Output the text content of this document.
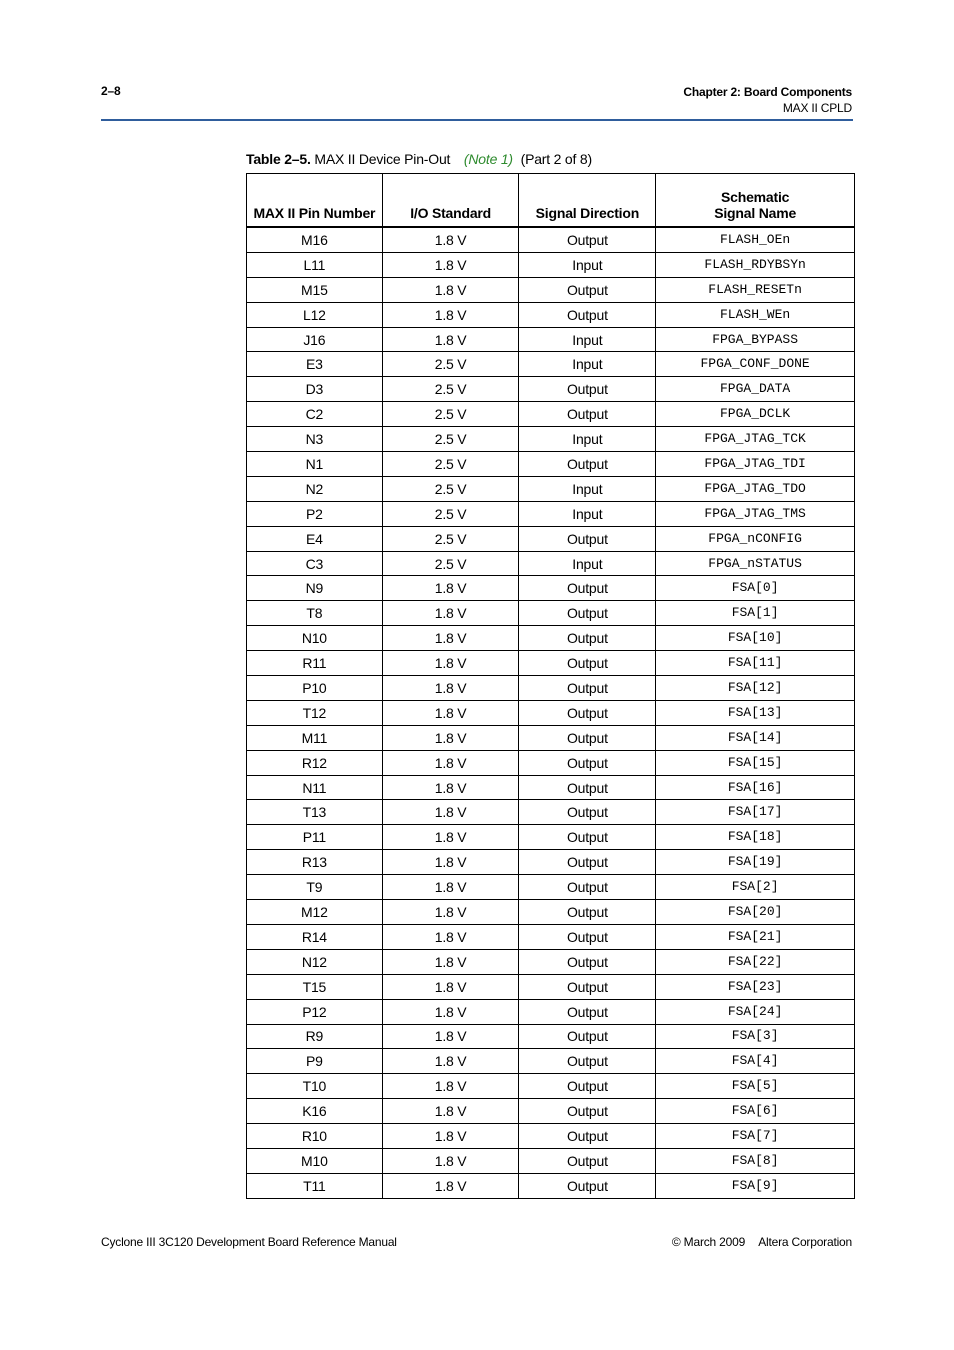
2–8	Chapter 2: Board Components
MAX II CPLD
Table 2–5. MAX II Device Pin-Out (Note 1) (Part 2 of 8)
MAX II Pin Number	I/O Standard	Signal Direction	Schematic
Signal Name
M16	1.8 V	Output	FLASH_OEn
L11	1.8 V	Input	FLASH_RDYBSYn
M15	1.8 V	Output	FLASH_RESETn
L12	1.8 V	Output	FLASH_WEn
J16	1.8 V	Input	FPGA_BYPASS
E3	2.5 V	Input	FPGA_CONF_DONE
D3	2.5 V	Output	FPGA_DATA
C2	2.5 V	Output	FPGA_DCLK
N3	2.5 V	Input	FPGA_JTAG_TCK
N1	2.5 V	Output	FPGA_JTAG_TDI
N2	2.5 V	Input	FPGA_JTAG_TDO
P2	2.5 V	Input	FPGA_JTAG_TMS
E4	2.5 V	Output	FPGA_nCONFIG
C3	2.5 V	Input	FPGA_nSTATUS
N9	1.8 V	Output	FSA[0]
T8	1.8 V	Output	FSA[1]
N10	1.8 V	Output	FSA[10]
R11	1.8 V	Output	FSA[11]
P10	1.8 V	Output	FSA[12]
T12	1.8 V	Output	FSA[13]
M11	1.8 V	Output	FSA[14]
R12	1.8 V	Output	FSA[15]
N11	1.8 V	Output	FSA[16]
T13	1.8 V	Output	FSA[17]
P11	1.8 V	Output	FSA[18]
R13	1.8 V	Output	FSA[19]
T9	1.8 V	Output	FSA[2]
M12	1.8 V	Output	FSA[20]
R14	1.8 V	Output	FSA[21]
N12	1.8 V	Output	FSA[22]
T15	1.8 V	Output	FSA[23]
P12	1.8 V	Output	FSA[24]
R9	1.8 V	Output	FSA[3]
P9	1.8 V	Output	FSA[4]
T10	1.8 V	Output	FSA[5]
K16	1.8 V	Output	FSA[6]
R10	1.8 V	Output	FSA[7]
M10	1.8 V	Output	FSA[8]
T11	1.8 V	Output	FSA[9]
Cyclone III 3C120 Development Board Reference Manual	© March 2009 Altera Corporation
